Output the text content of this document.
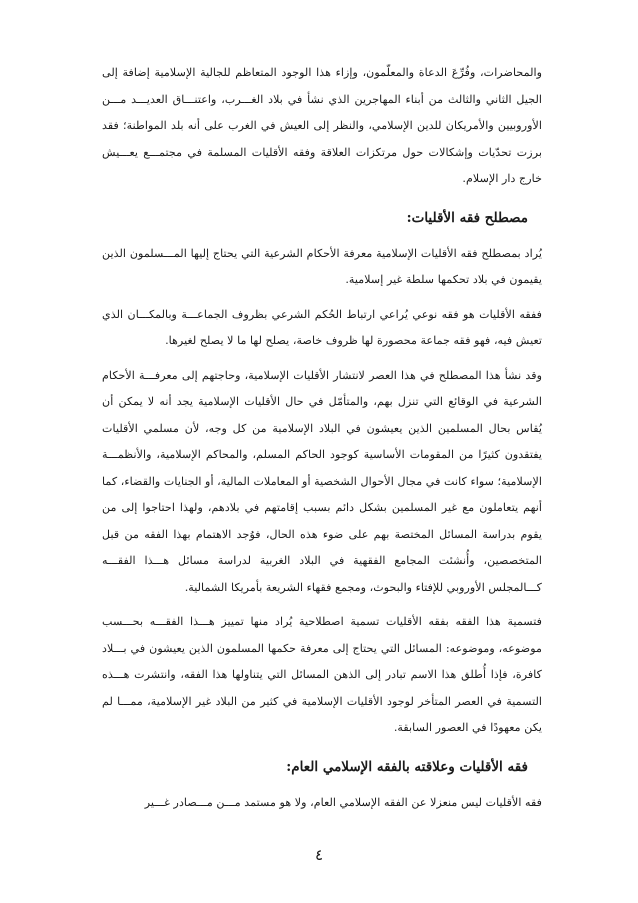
والمحاضرات، وفُرِّعَ الدعاة والمعلّمون، وإزاء هذا الوجود المتعاظم للجالية الإسلامية إضافة إلى الجيل الثاني والثالث من أبناء المهاجرين الذي نشأ في بلاد الغـــرب، واعتنـــاق العديـــد مـــن الأوروبيين والأمريكان للدين الإسلامي، والنظر إلى العيش في الغرب على أنه بلد المواطنة؛ فقد برزت تحدّيات وإشكالات حول مرتكزات العلاقة وفقه الأقليات المسلمة في مجتمـــع يعـــيش خارج دار الإسلام.

مصطلح فقه الأقليات:

يُراد بمصطلح فقه الأقليات الإسلامية معرفة الأحكام الشرعية التي يحتاج إليها المـــسلمون الذين يقيمون في بلاد تحكمها سلطة غير إسلامية.

ففقه الأقليات هو فقه نوعي يُراعي ارتباط الحُكم الشرعي بظروف الجماعـــة وبالمكـــان الذي تعيش فيه، فهو فقه جماعة محصورة لها ظروف خاصة، يصلح لها ما لا يصلح لغيرها.

وقد نشأ هذا المصطلح في هذا العصر لانتشار الأقليات الإسلامية، وحاجتهم إلى معرفـــة الأحكام الشرعية في الوقائع التي تنزل بهم، والمتأمّل في حال الأقليات الإسلامية يجد أنه لا يمكن أن يُقاس بحال المسلمين الذين يعيشون في البلاد الإسلامية من كل وجه، لأن مسلمي الأقليات يفتقدون كثيرًا من المقومات الأساسية كوجود الحاكم المسلم، والمحاكم الإسلامية، والأنظمـــة الإسلامية؛ سواء كانت في مجال الأحوال الشخصية أو المعاملات المالية، أو الجنايات والقضاء، كما أنهم يتعاملون مع غير المسلمين بشكل دائم بسبب إقامتهم في بلادهم، ولهذا احتاجوا إلى من يقوم بدراسة المسائل المختصة بهم على ضوء هذه الحال، فوُجد الاهتمام بهذا الفقه من قبل المتخصصين، وأُنشئت المجامع الفقهية في البلاد الغربية لدراسة مسائل هـــذا الفقـــه كـــالمجلس الأوروبي للإفتاء والبحوث، ومجمع فقهاء الشريعة بأمريكا الشمالية.

فتسمية هذا الفقه بفقه الأقليات تسمية اصطلاحية يُراد منها تمييز هـــذا الفقـــه بحـــسب موضوعه، وموضوعه: المسائل التي يحتاج إلى معرفة حكمها المسلمون الذين يعيشون في بـــلاد كافرة، فإذا أُطلق هذا الاسم تبادر إلى الذهن المسائل التي يتناولها هذا الفقه، وانتشرت هـــذه التسمية في العصر المتأخر لوجود الأقليات الإسلامية في كثير من البلاد غير الإسلامية، ممـــا لم يكن معهودًا في العصور السابقة.

فقه الأقليات وعلاقته بالفقه الإسلامي العام:

فقه الأقليات ليس منعزلا عن الفقه الإسلامي العام، ولا هو مستمد مـــن مـــصادر غـــير

٤
